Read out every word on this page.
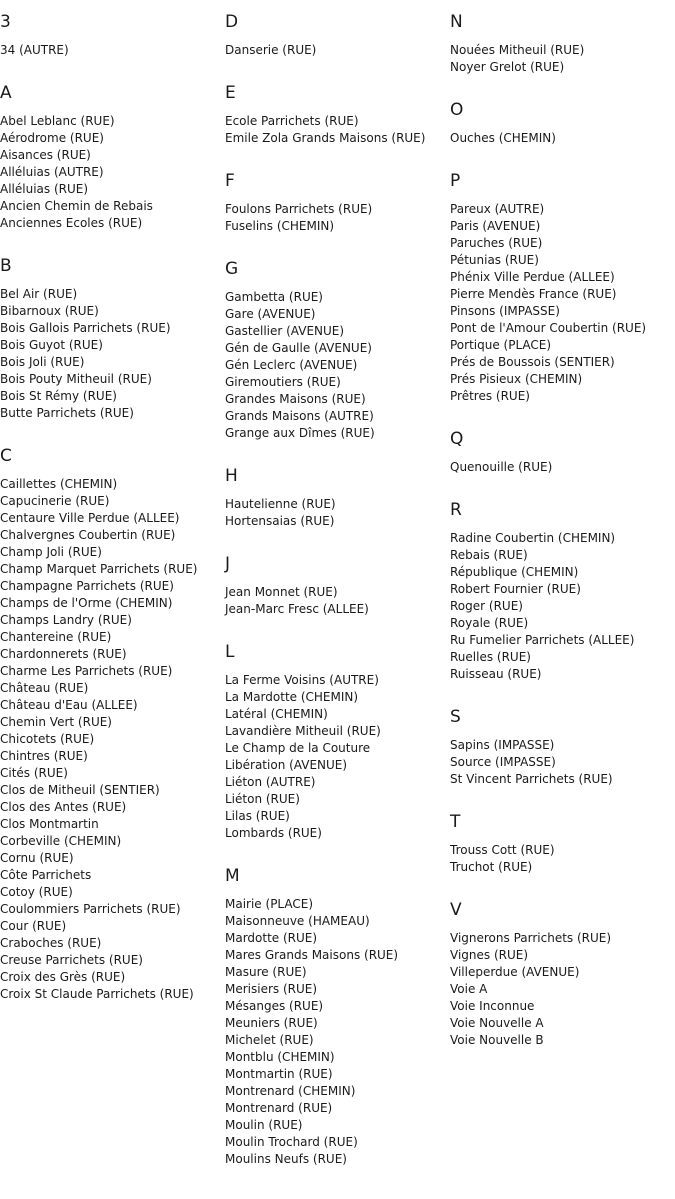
3
34 (AUTRE)
A
Abel Leblanc (RUE)
Aérodrome (RUE)
Aisances (RUE)
Alléluias (AUTRE)
Alléluias (RUE)
Ancien Chemin de Rebais
Anciennes Ecoles (RUE)
B
Bel Air (RUE)
Bibarnoux (RUE)
Bois Gallois Parrichets (RUE)
Bois Guyot (RUE)
Bois Joli (RUE)
Bois Pouty Mitheuil (RUE)
Bois St Rémy (RUE)
Butte Parrichets (RUE)
C
Caillettes (CHEMIN)
Capucinerie (RUE)
Centaure Ville Perdue (ALLEE)
Chalvergnes Coubertin (RUE)
Champ Joli (RUE)
Champ Marquet Parrichets (RUE)
Champagne Parrichets (RUE)
Champs de l'Orme (CHEMIN)
Champs Landry (RUE)
Chantereine (RUE)
Chardonnerets (RUE)
Charme Les Parrichets (RUE)
Château (RUE)
Château d'Eau (ALLEE)
Chemin Vert (RUE)
Chicotets (RUE)
Chintres (RUE)
Cités (RUE)
Clos de Mitheuil (SENTIER)
Clos des Antes (RUE)
Clos Montmartin
Corbeville (CHEMIN)
Cornu (RUE)
Côte Parrichets
Cotoy (RUE)
Coulommiers Parrichets (RUE)
Cour (RUE)
Craboches (RUE)
Creuse Parrichets (RUE)
Croix des Grès (RUE)
Croix St Claude Parrichets (RUE)
D
Danserie (RUE)
E
Ecole Parrichets (RUE)
Emile Zola Grands Maisons (RUE)
F
Foulons Parrichets (RUE)
Fuselins (CHEMIN)
G
Gambetta (RUE)
Gare (AVENUE)
Gastellier (AVENUE)
Gén de Gaulle (AVENUE)
Gén Leclerc (AVENUE)
Giremoutiers (RUE)
Grandes Maisons (RUE)
Grands Maisons (AUTRE)
Grange aux Dîmes (RUE)
H
Hautelienne (RUE)
Hortensaias (RUE)
J
Jean Monnet (RUE)
Jean-Marc Fresc (ALLEE)
L
La Ferme Voisins (AUTRE)
La Mardotte (CHEMIN)
Latéral (CHEMIN)
Lavandière Mitheuil (RUE)
Le Champ de la Couture
Libération (AVENUE)
Liéton (AUTRE)
Liéton (RUE)
Lilas (RUE)
Lombards (RUE)
M
Mairie (PLACE)
Maisonneuve (HAMEAU)
Mardotte (RUE)
Mares Grands Maisons (RUE)
Masure (RUE)
Merisiers (RUE)
Mésanges (RUE)
Meuniers (RUE)
Michelet (RUE)
Montblu (CHEMIN)
Montmartin (RUE)
Montrenard (CHEMIN)
Montrenard (RUE)
Moulin (RUE)
Moulin Trochard (RUE)
Moulins Neufs (RUE)
N
Nouées Mitheuil (RUE)
Noyer Grelot (RUE)
O
Ouches (CHEMIN)
P
Pareux (AUTRE)
Paris (AVENUE)
Paruches (RUE)
Pétunias (RUE)
Phénix Ville Perdue (ALLEE)
Pierre Mendès France (RUE)
Pinsons (IMPASSE)
Pont de l'Amour Coubertin (RUE)
Portique (PLACE)
Prés de Boussois (SENTIER)
Prés Pisieux (CHEMIN)
Prêtres (RUE)
Q
Quenouille (RUE)
R
Radine Coubertin (CHEMIN)
Rebais (RUE)
République (CHEMIN)
Robert Fournier (RUE)
Roger (RUE)
Royale (RUE)
Ru Fumelier Parrichets (ALLEE)
Ruelles (RUE)
Ruisseau (RUE)
S
Sapins (IMPASSE)
Source (IMPASSE)
St Vincent Parrichets (RUE)
T
Trouss Cott (RUE)
Truchot (RUE)
V
Vignerons Parrichets (RUE)
Vignes (RUE)
Villeperdue (AVENUE)
Voie A
Voie Inconnue
Voie Nouvelle A
Voie Nouvelle B
